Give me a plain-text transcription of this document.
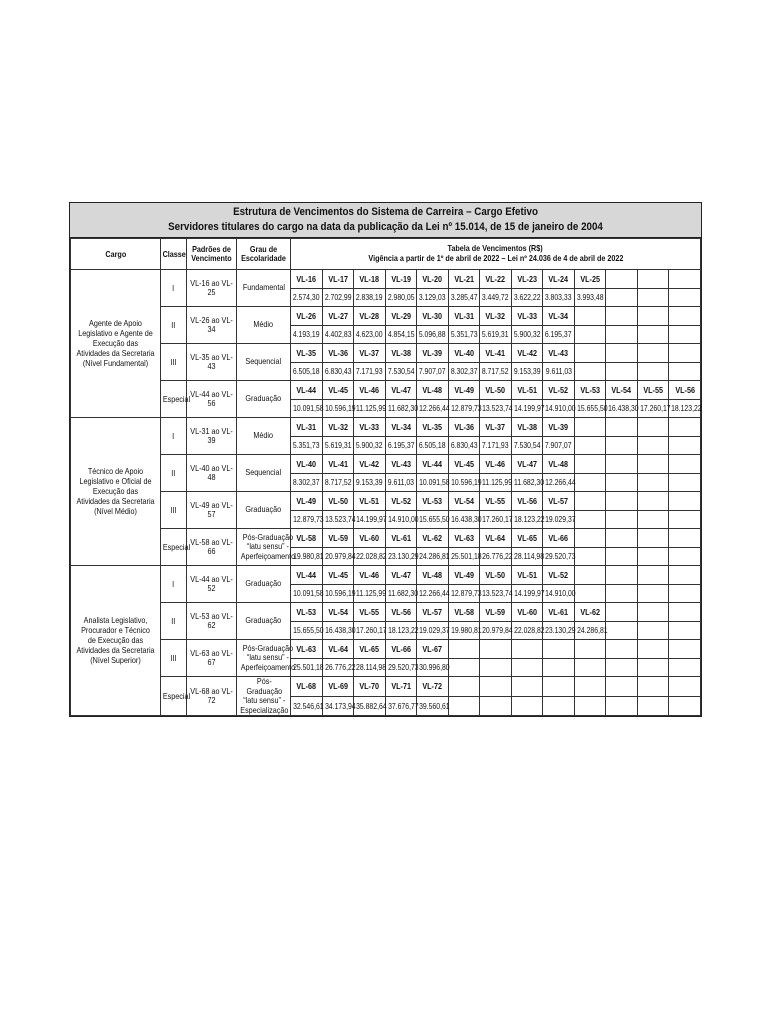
Estrutura de Vencimentos do Sistema de Carreira – Cargo Efetivo
Servidores titulares do cargo na data da publicação da Lei nº 15.014, de 15 de janeiro de 2004
Cargo	Classe	Padrões de Vencimento	Grau de Escolaridade	Tabela de Vencimentos (R$)
Vigência a partir de 1º de abril de 2022 – Lei nº 24.036 de 4 de abril de 2022												
Agente de Apoio Legislativo e Agente de Execução das Atividades da Secretaria (Nível Fundamental)	I	VL-16 ao VL-25	Fundamental	VL-16	VL-17	VL-18	VL-19	VL-20	VL-21	VL-22	VL-23	VL-24	VL-25			
				2.574,30	2.702,99	2.838,19	2.980,05	3.129,03	3.285,47	3.449,72	3.622,22	3.803,33	3.993,48			
	II	VL-26 ao VL-34	Médio	VL-26	VL-27	VL-28	VL-29	VL-30	VL-31	VL-32	VL-33	VL-34				
				4.193,19	4.402,83	4.623,00	4.854,15	5.096,88	5.351,73	5.619,31	5.900,32	6.195,37				
	III	VL-35 ao VL-43	Sequencial	VL-35	VL-36	VL-37	VL-38	VL-39	VL-40	VL-41	VL-42	VL-43				
				6.505,18	6.830,43	7.171,93	7.530,54	7.907,07	8.302,37	8.717,52	9.153,39	9.611,03				
	Especial	VL-44 ao VL-56	Graduação	VL-44	VL-45	VL-46	VL-47	VL-48	VL-49	VL-50	VL-51	VL-52	VL-53	VL-54	VL-55	VL-56
				10.091,58	10.596,19	11.125,99	11.682,30	12.266,44	12.879,73	13.523,74	14.199,97	14.910,00	15.655,50	16.438,30	17.260,17	18.123,22
Técnico de Apoio Legislativo e Oficial de Execução das Atividades da Secretaria (Nível Médio)	I	VL-31 ao VL-39	Médio	VL-31	VL-32	VL-33	VL-34	VL-35	VL-36	VL-37	VL-38	VL-39				
				5.351,73	5.619,31	5.900,32	6.195,37	6.505,18	6.830,43	7.171,93	7.530,54	7.907,07				
	II	VL-40 ao VL-48	Sequencial	VL-40	VL-41	VL-42	VL-43	VL-44	VL-45	VL-46	VL-47	VL-48				
				8.302,37	8.717,52	9.153,39	9.611,03	10.091,58	10.596,19	11.125,99	11.682,30	12.266,44				
	III	VL-49 ao VL-57	Graduação	VL-49	VL-50	VL-51	VL-52	VL-53	VL-54	VL-55	VL-56	VL-57				
				12.879,73	13.523,74	14.199,97	14.910,00	15.655,50	16.438,30	17.260,17	18.123,22	19.029,37				
	Especial	VL-58 ao VL-66	Pós-Graduação “latu sensu” - Aperfeiçoamento	VL-58	VL-59	VL-60	VL-61	VL-62	VL-63	VL-64	VL-65	VL-66				
				19.980,81	20.979,84	22.028,82	23.130,29	24.286,81	25.501,18	26.776,22	28.114,98	29.520,73				
Analista Legislativo, Procurador e Técnico de Execução das Atividades da Secretaria (Nível Superior)	I	VL-44 ao VL-52	Graduação	VL-44	VL-45	VL-46	VL-47	VL-48	VL-49	VL-50	VL-51	VL-52				
				10.091,58	10.596,19	11.125,99	11.682,30	12.266,44	12.879,73	13.523,74	14.199,97	14.910,00				
	II	VL-53 ao VL-62	Graduação	VL-53	VL-54	VL-55	VL-56	VL-57	VL-58	VL-59	VL-60	VL-61	VL-62			
				15.655,50	16.438,30	17.260,17	18.123,22	19.029,37	19.980,81	20.979,84	22.028,82	23.130,29	24.286,81			
	III	VL-63 ao VL-67	Pós-Graduação “latu sensu” - Aperfeiçoamento	VL-63	VL-64	VL-65	VL-66	VL-67								
				25.501,18	26.776,22	28.114,98	29.520,73	30.996,80								
	Especial	VL-68 ao VL-72	Pós-Graduação “latu sensu” - Especialização	VL-68	VL-69	VL-70	VL-71	VL-72								
				32.546,61	34.173,94	35.882,64	37.676,77	39.560,61								
